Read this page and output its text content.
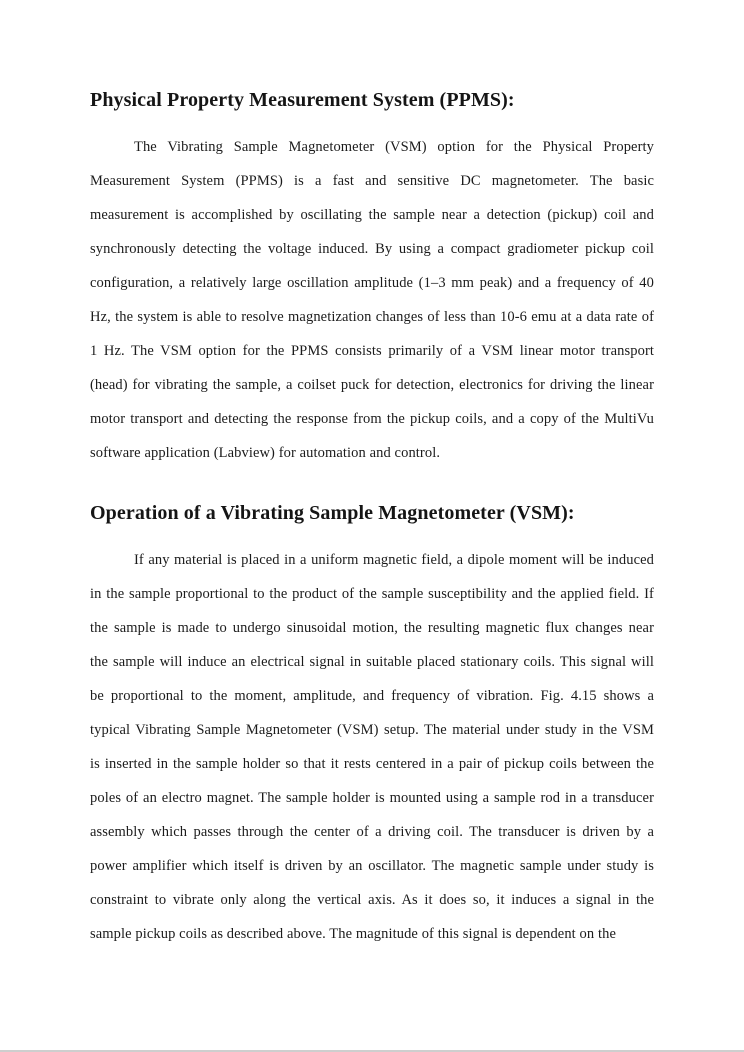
Physical Property Measurement System (PPMS):
The Vibrating Sample Magnetometer (VSM) option for the Physical Property
Measurement System (PPMS) is a fast and sensitive DC magnetometer. The basic
measurement is accomplished by oscillating the sample near a detection (pickup) coil and
synchronously detecting the voltage induced. By using a compact gradiometer pickup coil
configuration, a relatively large oscillation amplitude (1–3 mm peak) and a frequency of 40
Hz, the system is able to resolve magnetization changes of less than 10-6 emu at a data rate of
1 Hz. The VSM option for the PPMS consists primarily of a VSM linear motor transport
(head) for vibrating the sample, a coilset puck for detection, electronics for driving the linear
motor transport and detecting the response from the pickup coils, and a copy of the MultiVu
software application (Labview) for automation and control.
Operation of a Vibrating Sample Magnetometer (VSM):
If any material is placed in a uniform magnetic field, a dipole moment will be induced
in the sample proportional to the product of the sample susceptibility and the applied field. If
the sample is made to undergo sinusoidal motion, the resulting magnetic flux changes near
the sample will induce an electrical signal in suitable placed stationary coils. This signal will
be proportional to the moment, amplitude, and frequency of vibration. Fig. 4.15 shows a
typical Vibrating Sample Magnetometer (VSM) setup. The material under study in the VSM
is inserted in the sample holder so that it rests centered in a pair of pickup coils between the
poles of an electro magnet. The sample holder is mounted using a sample rod in a transducer
assembly which passes through the center of a driving coil. The transducer is driven by a
power amplifier which itself is driven by an oscillator. The magnetic sample under study is
constraint to vibrate only along the vertical axis. As it does so, it induces a signal in the
sample pickup coils as described above. The magnitude of this signal is dependent on the
